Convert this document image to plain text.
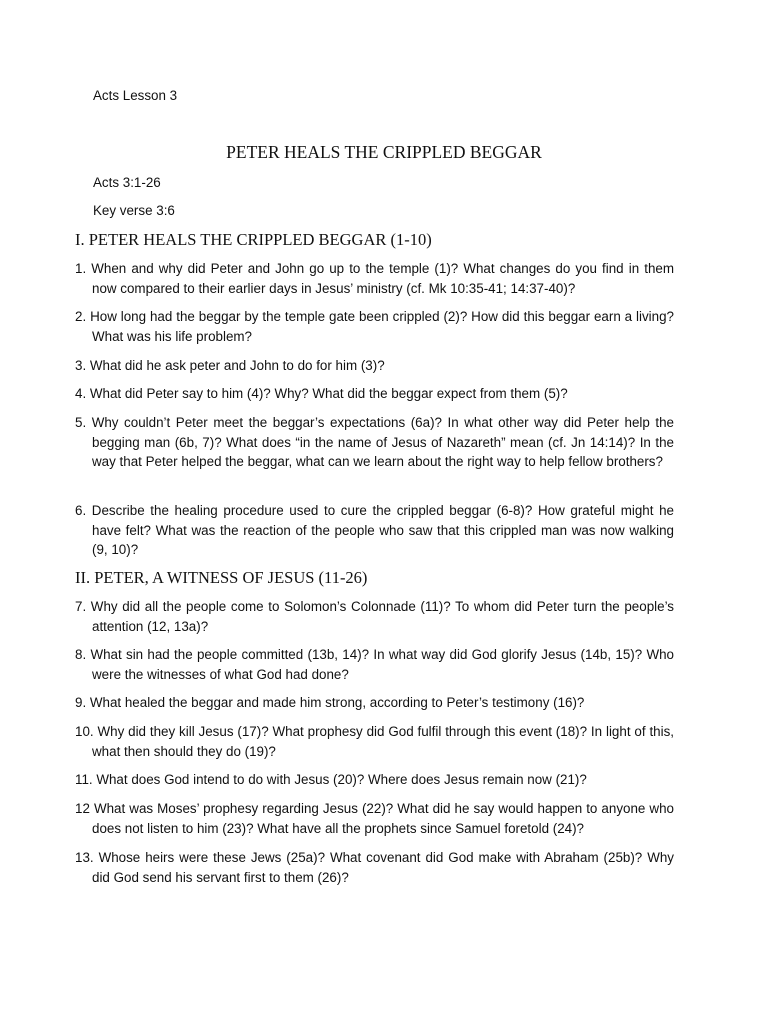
Acts Lesson 3
PETER HEALS THE CRIPPLED BEGGAR
Acts 3:1-26
Key verse 3:6
I. PETER HEALS THE CRIPPLED BEGGAR (1-10)

1. When and why did Peter and John go up to the temple (1)? What changes do you find in them now compared to their earlier days in Jesus’ ministry (cf. Mk 10:35-41; 14:37-40)?

2. How long had the beggar by the temple gate been crippled (2)? How did this beggar earn a living? What was his life problem?

3. What did he ask peter and John to do for him (3)?

4. What did Peter say to him (4)? Why? What did the beggar expect from them (5)?

5. Why couldn’t Peter meet the beggar’s expectations (6a)? In what other way did Peter help the begging man (6b, 7)? What does “in the name of Jesus of Nazareth” mean (cf. Jn 14:14)? In the way that Peter helped the beggar, what can we learn about the right way to help fellow brothers?

6. Describe the healing procedure used to cure the crippled beggar (6-8)? How grateful might he have felt? What was the reaction of the people who saw that this crippled man was now walking (9, 10)?

II. PETER, A WITNESS OF JESUS (11-26)

7. Why did all the people come to Solomon’s Colonnade (11)? To whom did Peter turn the people’s attention (12, 13a)?

8. What sin had the people committed (13b, 14)? In what way did God glorify Jesus (14b, 15)? Who were the witnesses of what God had done?

9. What healed the beggar and made him strong, according to Peter’s testimony (16)?

10. Why did they kill Jesus (17)? What prophesy did God fulfil through this event (18)? In light of this, what then should they do (19)?

11. What does God intend to do with Jesus (20)? Where does Jesus remain now (21)?

12 What was Moses’ prophesy regarding Jesus (22)? What did he say would happen to anyone who does not listen to him (23)? What have all the prophets since Samuel foretold (24)?

13. Whose heirs were these Jews (25a)? What covenant did God make with Abraham (25b)? Why did God send his servant first to them (26)?
